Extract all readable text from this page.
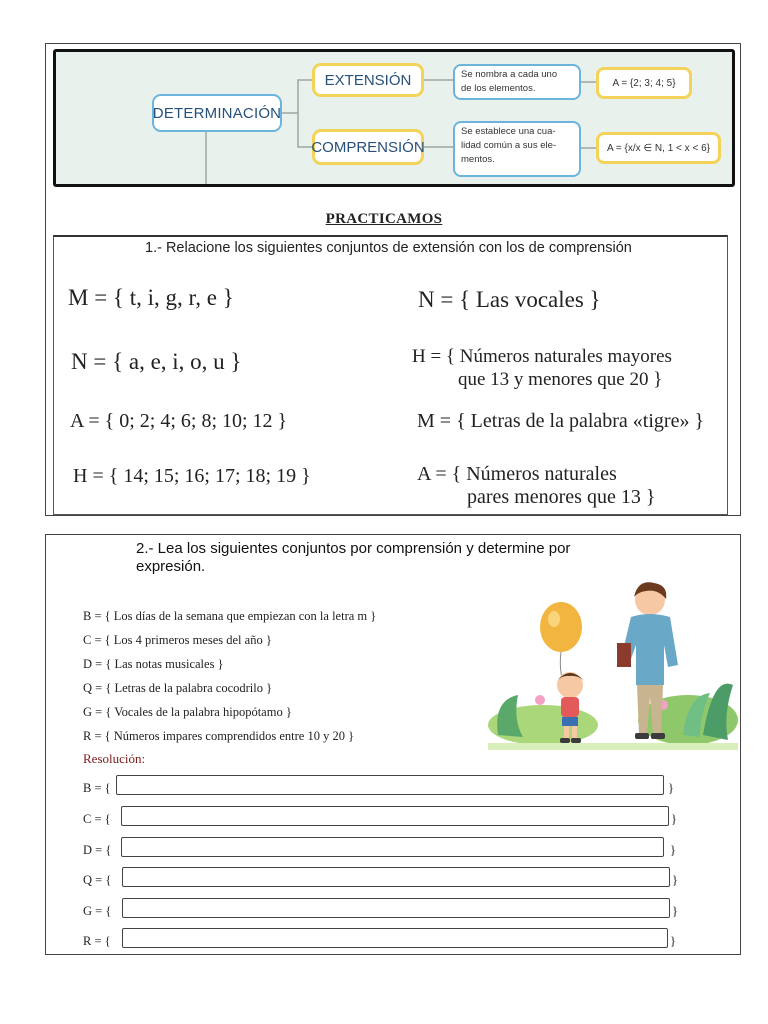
DETERMINACIÓN
EXTENSIÓN
COMPRENSIÓN
Se nombra a cada uno
de los elementos.
Se establece una cua-
lidad común a sus ele-
mentos.
A = {2; 3; 4; 5}
A = {x/x ∈ N, 1 < x < 6}
1.- Relacione los siguientes conjuntos de extensión con los de comprensión
M = { t, i, g, r, e }
N = { a, e, i, o, u }
A = { 0; 2; 4; 6; 8; 10; 12 }
H = { 14; 15; 16; 17; 18; 19 }
N = { Las vocales }
H = { Números naturales mayores
que 13 y menores que 20 }
M = { Letras de la palabra «tigre» }
A = { Números naturales
pares menores que 13 }
PRACTICAMOS
2.- Lea los siguientes conjuntos por comprensión y determine por expresión.
B = { Los días de la semana que empiezan con la letra m }
C = { Los 4 primeros meses del año }
D = { Las notas musicales }
Q = { Letras de la palabra cocodrilo }
G = { Vocales de la palabra hipopótamo }
R = { Números impares comprendidos entre 10 y 20 }
Resolución:
B = {	}
C = {	}
D = {	}
Q = {	}
G = {	}
R = {	}
